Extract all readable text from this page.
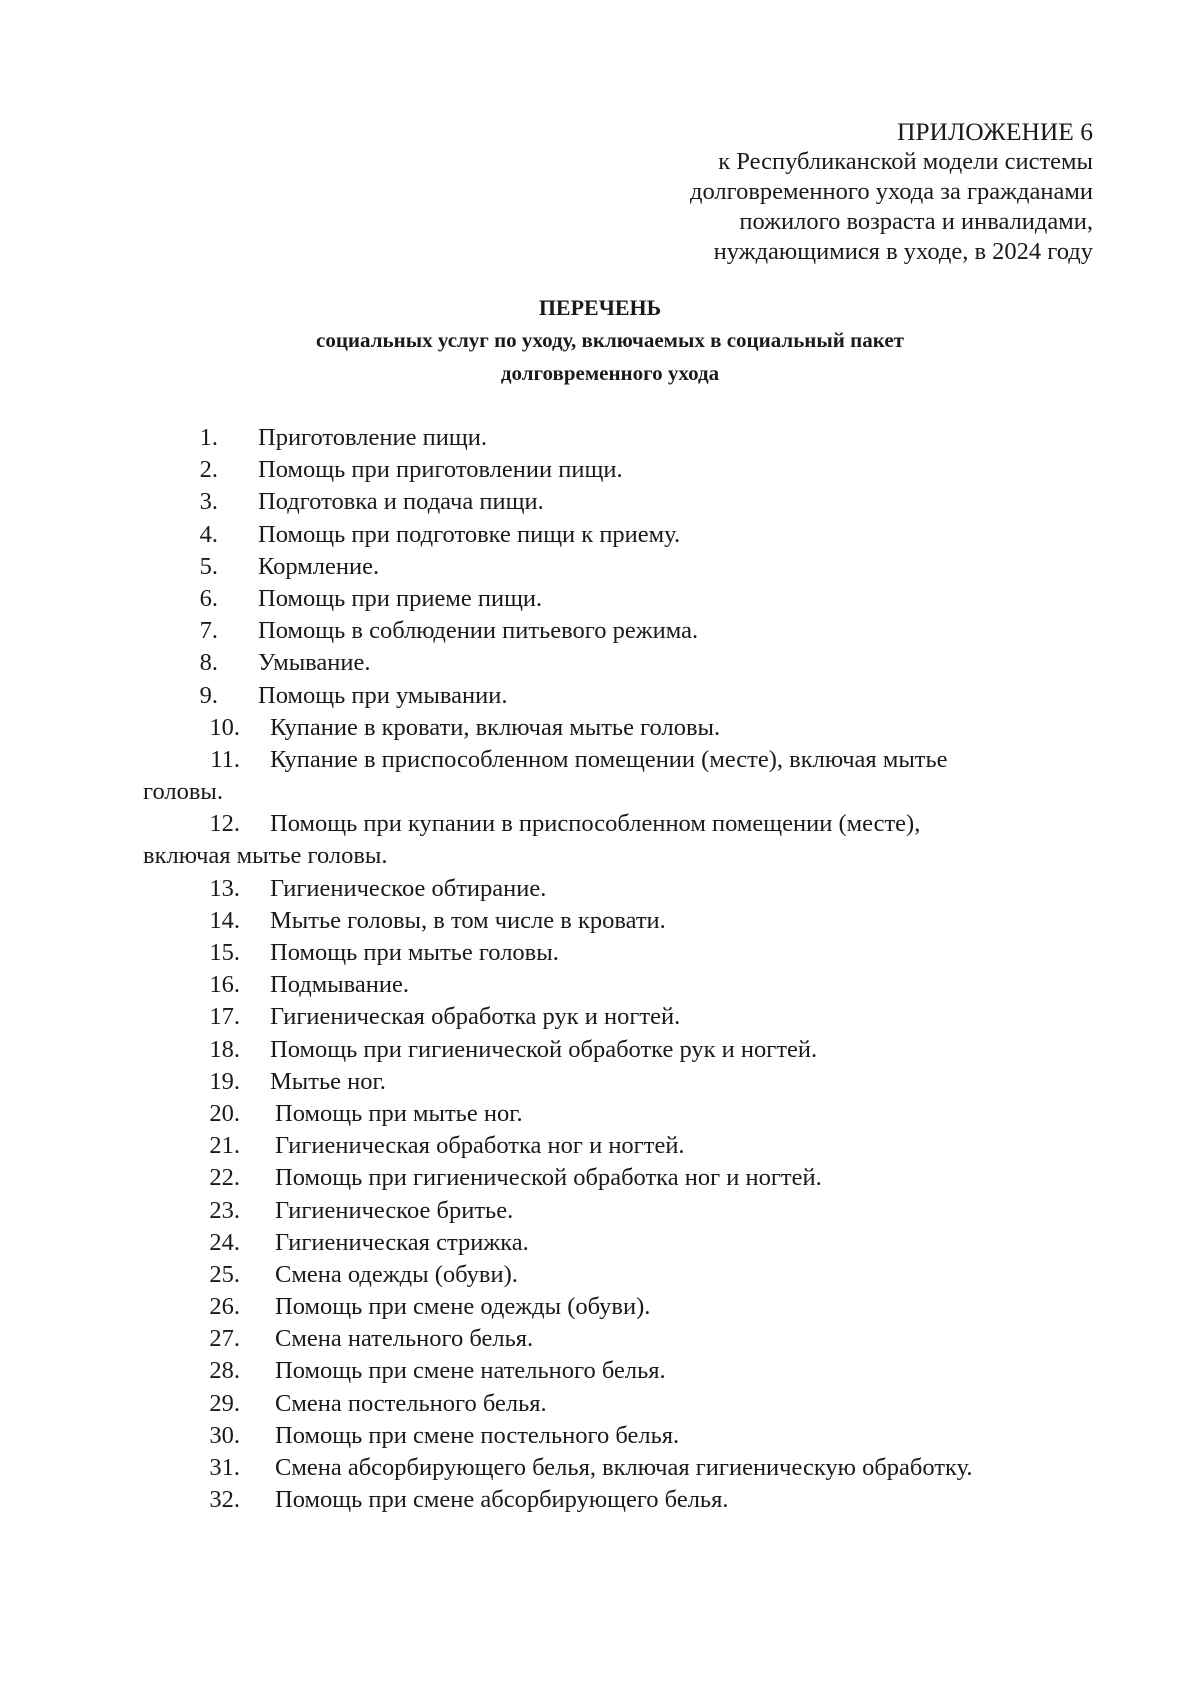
ПРИЛОЖЕНИЕ 6
к Республиканской модели системы
долговременного ухода за гражданами
пожилого возраста и инвалидами,
нуждающимися в уходе, в 2024 году
ПЕРЕЧЕНЬ
социальных услуг по уходу, включаемых в социальный пакет
долговременного ухода
1. Приготовление пищи.
2. Помощь при приготовлении пищи.
3. Подготовка и подача пищи.
4. Помощь при подготовке пищи к приему.
5. Кормление.
6. Помощь при приеме пищи.
7. Помощь в соблюдении питьевого режима.
8. Умывание.
9. Помощь при умывании.
10. Купание в кровати, включая мытье головы.
11. Купание в приспособленном помещении (месте), включая мытье
головы.
12. Помощь при купании в приспособленном помещении (месте),
включая мытье головы.
13. Гигиеническое обтирание.
14. Мытье головы, в том числе в кровати.
15. Помощь при мытье головы.
16. Подмывание.
17. Гигиеническая обработка рук и ногтей.
18. Помощь при гигиенической обработке рук и ногтей.
19. Мытье ног.
20. Помощь при мытье ног.
21. Гигиеническая обработка ног и ногтей.
22. Помощь при гигиенической обработка ног и ногтей.
23. Гигиеническое бритье.
24. Гигиеническая стрижка.
25. Смена одежды (обуви).
26. Помощь при смене одежды (обуви).
27. Смена нательного белья.
28. Помощь при смене нательного белья.
29. Смена постельного белья.
30. Помощь при смене постельного белья.
31. Смена абсорбирующего белья, включая гигиеническую обработку.
32. Помощь при смене абсорбирующего белья.
